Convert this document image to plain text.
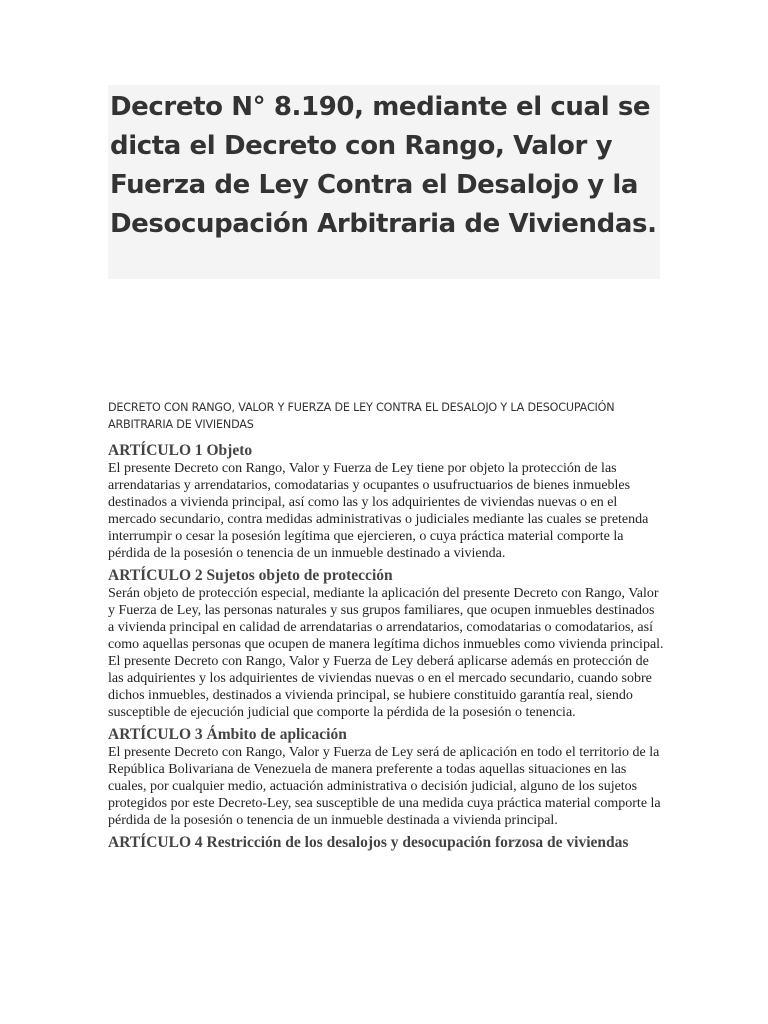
Decreto N° 8.190, mediante el cual se dicta el Decreto con Rango, Valor y Fuerza de Ley Contra el Desalojo y la Desocupación Arbitraria de Viviendas.

DECRETO CON RANGO, VALOR Y FUERZA DE LEY CONTRA EL DESALOJO Y LA DESOCUPACIÓN ARBITRARIA DE VIVIENDAS

ARTÍCULO 1 Objeto

El presente Decreto con Rango, Valor y Fuerza de Ley tiene por objeto la protección de las arrendatarias y arrendatarios, comodatarias y ocupantes o usufructuarios de bienes inmuebles destinados a vivienda principal, así como las y los adquirientes de viviendas nuevas o en el mercado secundario, contra medidas administrativas o judiciales mediante las cuales se pretenda interrumpir o cesar la posesión legítima que ejercieren, o cuya práctica material comporte la pérdida de la posesión o tenencia de un inmueble destinado a vivienda.

ARTÍCULO 2 Sujetos objeto de protección

Serán objeto de protección especial, mediante la aplicación del presente Decreto con Rango, Valor y Fuerza de Ley, las personas naturales y sus grupos familiares, que ocupen inmuebles destinados a vivienda principal en calidad de arrendatarias o arrendatarios, comodatarias o comodatarios, así como aquellas personas que ocupen de manera legítima dichos inmuebles como vivienda principal. El presente Decreto con Rango, Valor y Fuerza de Ley deberá aplicarse además en protección de las adquirientes y los adquirientes de viviendas nuevas o en el mercado secundario, cuando sobre dichos inmuebles, destinados a vivienda principal, se hubiere constituido garantía real, siendo susceptible de ejecución judicial que comporte la pérdida de la posesión o tenencia.

ARTÍCULO 3 Ámbito de aplicación

El presente Decreto con Rango, Valor y Fuerza de Ley será de aplicación en todo el territorio de la República Bolivariana de Venezuela de manera preferente a todas aquellas situaciones en las cuales, por cualquier medio, actuación administrativa o decisión judicial, alguno de los sujetos protegidos por este Decreto-Ley, sea susceptible de una medida cuya práctica material comporte la pérdida de la posesión o tenencia de un inmueble destinada a vivienda principal.

ARTÍCULO 4 Restricción de los desalojos y desocupación forzosa de viviendas
